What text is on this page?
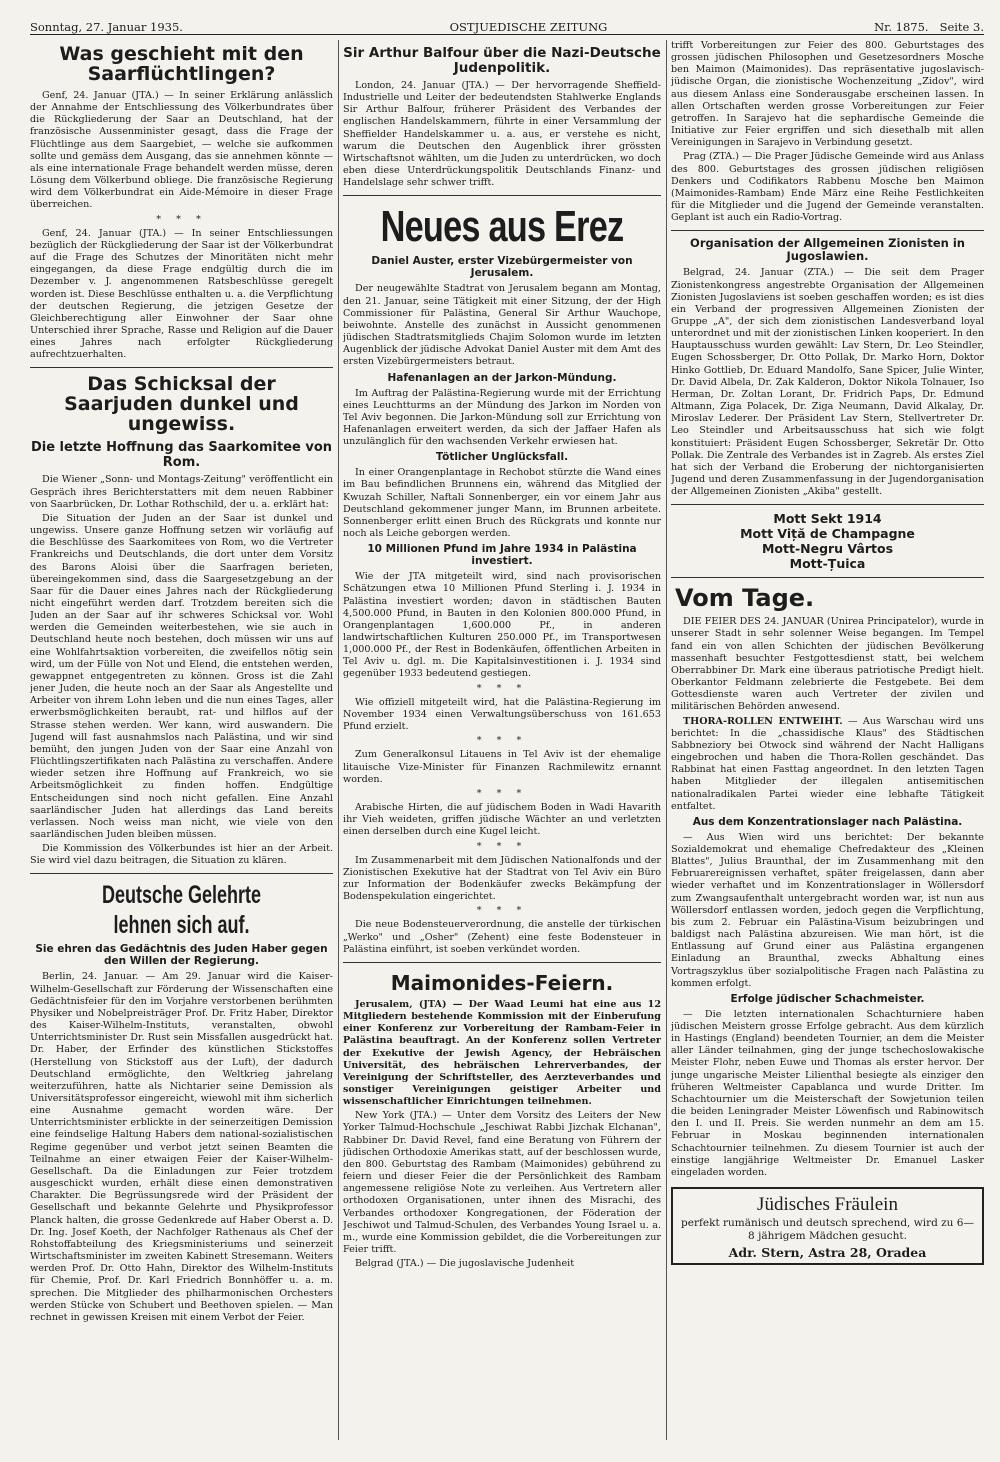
Sonntag, 27. Januar 1935.	OSTJUEDISCHE ZEITUNG	Nr. 1875. Seite 3.
Was geschieht mit den Saarflüchtlingen?

Genf, 24. Januar (JTA.) — In seiner Erklärung anlässlich der Annahme der Entschliessung des Völkerbundrates über die Rückgliederung der Saar an Deutschland, hat der französische Aussenminister gesagt, dass die Frage der Flüchtlinge aus dem Saargebiet, — welche sie aufkommen sollte und gemäss dem Ausgang, das sie annehmen könnte — als eine internationale Frage behandelt werden müsse, deren Lösung dem Völkerbund obliege. Die französische Regierung wird dem Völkerbundrat ein Aide-Mémoire in dieser Frage überreichen.

* * *

Genf, 24. Januar (JTA.) — In seiner Entschliessungen bezüglich der Rückgliederung der Saar ist der Völkerbundrat auf die Frage des Schutzes der Minoritäten nicht mehr eingegangen, da diese Frage endgültig durch die im Dezember v. J. angenommenen Ratsbeschlüsse geregelt worden ist. Diese Beschlüsse enthalten u. a. die Verpflichtung der deutschen Regierung, die jetzigen Gesetze der Gleichberechtigung aller Einwohner der Saar ohne Unterschied ihrer Sprache, Rasse und Religion auf die Dauer eines Jahres nach erfolgter Rückgliederung aufrechtzuerhalten.

Das Schicksal der Saarjuden dunkel und ungewiss.
Die letzte Hoffnung das Saarkomitee von Rom.

Die Wiener „Sonn- und Montags-Zeitung" veröffentlicht ein Gespräch ihres Berichterstatters mit dem neuen Rabbiner von Saarbrücken, Dr. Lothar Rothschild, der u. a. erklärt hat:

Die Situation der Juden an der Saar ist dunkel und ungewiss. Unsere ganze Hoffnung setzen wir vorläufig auf die Beschlüsse des Saarkomitees von Rom, wo die Vertreter Frankreichs und Deutschlands, die dort unter dem Vorsitz des Barons Aloisi über die Saarfragen berieten, übereingekommen sind, dass die Saargesetzgebung an der Saar für die Dauer eines Jahres nach der Rückgliederung nicht eingeführt werden darf. Trotzdem bereiten sich die Juden an der Saar auf ihr schweres Schicksal vor. Wohl werden die Gemeinden weiterbestehen, wie sie auch in Deutschland heute noch bestehen, doch müssen wir uns auf eine Wohlfahrtsaktion vorbereiten, die zweifellos nötig sein wird, um der Fülle von Not und Elend, die entstehen werden, gewappnet entgegentreten zu können. Gross ist die Zahl jener Juden, die heute noch an der Saar als Angestellte und Arbeiter von ihrem Lohn leben und die nun eines Tages, aller erwerbsmöglichkeiten beraubt, rat- und hilflos auf der Strasse stehen werden. Wer kann, wird auswandern. Die Jugend will fast ausnahmslos nach Palästina, und wir sind bemüht, den jungen Juden von der Saar eine Anzahl von Flüchtlingszertifikaten nach Palästina zu verschaffen. Andere wieder setzen ihre Hoffnung auf Frankreich, wo sie Arbeitsmöglichkeit zu finden hoffen. Endgültige Entscheidungen sind noch nicht gefallen. Eine Anzahl saarländischer Juden hat allerdings das Land bereits verlassen. Noch weiss man nicht, wie viele von den saarländischen Juden bleiben müssen.

Die Kommission des Völkerbundes ist hier an der Arbeit. Sie wird viel dazu beitragen, die Situation zu klären.

Deutsche Gelehrte lehnen sich auf.
Sie ehren das Gedächtnis des Juden Haber gegen den Willen der Regierung.

Berlin, 24. Januar. — Am 29. Januar wird die Kaiser-Wilhelm-Gesellschaft zur Förderung der Wissenschaften eine Gedächtnisfeier für den im Vorjahre verstorbenen berühmten Physiker und Nobelpreisträger Prof. Dr. Fritz Haber, Direktor des Kaiser-Wilhelm-Instituts, veranstalten, obwohl Unterrichtsminister Dr. Rust sein Missfallen ausgedrückt hat. Dr. Haber, der Erfinder des künstlichen Stickstoffes (Herstellung von Stickstoff aus der Luft), der dadurch Deutschland ermöglichte, den Weltkrieg jahrelang weiterzuführen, hatte als Nichtarier seine Demission als Universitätsprofessor eingereicht, wiewohl mit ihm sicherlich eine Ausnahme gemacht worden wäre. Der Unterrichtsminister erblickte in der seinerzeitigen Demission eine feindselige Haltung Habers dem national-sozialistischen Regime gegenüber und verbot jetzt seinen Beamten die Teilnahme an einer etwaigen Feier der Kaiser-Wilhelm-Gesellschaft. Da die Einladungen zur Feier trotzdem ausgeschickt wurden, erhält diese einen demonstrativen Charakter. Die Begrüssungsrede wird der Präsident der Gesellschaft und bekannte Gelehrte und Physikprofessor Planck halten, die grosse Gedenkrede auf Haber Oberst a. D. Dr. Ing. Josef Koeth, der Nachfolger Rathenaus als Chef der Rohstoffabteilung des Kriegsministeriums und seinerzeit Wirtschaftsminister im zweiten Kabinett Stresemann. Weiters werden Prof. Dr. Otto Hahn, Direktor des Wilhelm-Instituts für Chemie, Prof. Dr. Karl Friedrich Bonnhöffer u. a. m. sprechen. Die Mitglieder des philharmonischen Orchesters werden Stücke von Schubert und Beethoven spielen. — Man rechnet in gewissen Kreisen mit einem Verbot der Feier.

Sir Arthur Balfour über die Nazi-Deutsche Judenpolitik.

London, 24. Januar (JTA.) — Der hervorragende Sheffield-Industrielle und Leiter der bedeutendsten Stahlwerke Englands Sir Arthur Balfour, früherer Präsident des Verbandes der englischen Handelskammern, führte in einer Versammlung der Sheffielder Handelskammer u. a. aus, er verstehe es nicht, warum die Deutschen den Augenblick ihrer grössten Wirtschaftsnot wählten, um die Juden zu unterdrücken, wo doch eben diese Unterdrückungspolitik Deutschlands Finanz- und Handelslage sehr schwer trifft.

Neues aus Erez
Daniel Auster, erster Vizebürgermeister von Jerusalem.

Der neugewählte Stadtrat von Jerusalem begann am Montag, den 21. Januar, seine Tätigkeit mit einer Sitzung, der der High Commissioner für Palästina, General Sir Arthur Wauchope, beiwohnte. Anstelle des zunächst in Aussicht genommenen jüdischen Stadtratsmitglieds Chajim Solomon wurde im letzten Augenblick der jüdische Advokat Daniel Auster mit dem Amt des ersten Vizebürgermeisters betraut.

Hafenanlagen an der Jarkon-Mündung.

Im Auftrag der Palästina-Regierung wurde mit der Errichtung eines Leuchtturms an der Mündung des Jarkon im Norden von Tel Aviv begonnen. Die Jarkon-Mündung soll zur Errichtung von Hafenanlagen erweitert werden, da sich der Jaffaer Hafen als unzulänglich für den wachsenden Verkehr erwiesen hat.

Tötlicher Unglücksfall.

In einer Orangenplantage in Rechobot stürzte die Wand eines im Bau befindlichen Brunnens ein, während das Mitglied der Kwuzah Schiller, Naftali Sonnenberger, ein vor einem Jahr aus Deutschland gekommener junger Mann, im Brunnen arbeitete. Sonnenberger erlitt einen Bruch des Rückgrats und konnte nur noch als Leiche geborgen werden.

10 Millionen Pfund im Jahre 1934 in Palästina investiert.

Wie der JTA mitgeteilt wird, sind nach provisorischen Schätzungen etwa 10 Millionen Pfund Sterling i. J. 1934 in Palästina investiert worden; davon in städtischen Bauten 4,500.000 Pfund, in Bauten in den Kolonien 800.000 Pfund, in Orangenplantagen 1,600.000 Pf., in anderen landwirtschaftlichen Kulturen 250.000 Pf., im Transportwesen 1,000.000 Pf., der Rest in Bodenkäufen, öffentlichen Arbeiten in Tel Aviv u. dgl. m. Die Kapitalsinvestitionen i. J. 1934 sind gegenüber 1933 bedeutend gestiegen.

* * *

Wie offiziell mitgeteilt wird, hat die Palästina-Regierung im November 1934 einen Verwaltungsüberschuss von 161.653 Pfund erzielt.

* * *

Zum Generalkonsul Litauens in Tel Aviv ist der ehemalige litauische Vize-Minister für Finanzen Rachmilewitz ernannt worden.

* * *

Arabische Hirten, die auf jüdischem Boden in Wadi Havarith ihr Vieh weideten, griffen jüdische Wächter an und verletzten einen derselben durch eine Kugel leicht.

* * *

Im Zusammenarbeit mit dem Jüdischen Nationalfonds und der Zionistischen Exekutive hat der Stadtrat von Tel Aviv ein Büro zur Information der Bodenkäufer zwecks Bekämpfung der Bodenspekulation eingerichtet.

* * *

Die neue Bodensteuerverordnung, die anstelle der türkischen „Werko" und „Osher" (Zehent) eine feste Bodensteuer in Palästina einführt, ist soeben verkündet worden.

Maimonides-Feiern.

Jerusalem, (JTA) — Der Waad Leumi hat eine aus 12 Mitgliedern bestehende Kommission mit der Einberufung einer Konferenz zur Vorbereitung der Rambam-Feier in Palästina beauftragt. An der Konferenz sollen Vertreter der Exekutive der Jewish Agency, der Hebräischen Universität, des hebräischen Lehrerverbandes, der Vereinigung der Schriftsteller, des Aerzteverbandes und sonstiger Vereinigungen geistiger Arbeiter und wissenschaftlicher Einrichtungen teilnehmen.

New York (JTA.) — Unter dem Vorsitz des Leiters der New Yorker Talmud-Hochschule „Jeschiwat Rabbi Jizchak Elchanan", Rabbiner Dr. David Revel, fand eine Beratung von Führern der jüdischen Orthodoxie Amerikas statt, auf der beschlossen wurde, den 800. Geburtstag des Rambam (Maimonides) gebührend zu feiern und dieser Feier die der Persönlichkeit des Rambam angemessene religiöse Note zu verleihen. Aus Vertretern aller orthodoxen Organisationen, unter ihnen des Misrachi, des Verbandes orthodoxer Kongregationen, der Föderation der Jeschiwot und Talmud-Schulen, des Verbandes Young Israel u. a. m., wurde eine Kommission gebildet, die die Vorbereitungen zur Feier trifft.

Belgrad (JTA.) — Die jugoslavische Judenheit

trifft Vorbereitungen zur Feier des 800. Geburtstages des grossen jüdischen Philosophen und Gesetzesordners Mosche ben Maimon (Maimonides). Das repräsentative jugoslavisch-jüdische Organ, die zionistische Wochenzeitung „Zidov", wird aus diesem Anlass eine Sonderausgabe erscheinen lassen. In allen Ortschaften werden grosse Vorbereitungen zur Feier getroffen. In Sarajevo hat die sephardische Gemeinde die Initiative zur Feier ergriffen und sich diesethalb mit allen Vereinigungen in Sarajevo in Verbindung gesetzt.

Prag (ZTA.) — Die Prager Jüdische Gemeinde wird aus Anlass des 800. Geburtstages des grossen jüdischen religiösen Denkers und Codifikators Rabbenu Mosche ben Maimon (Maimonides-Rambam) Ende März eine Reihe Festlichkeiten für die Mitglieder und die Jugend der Gemeinde veranstalten. Geplant ist auch ein Radio-Vortrag.

Organisation der Allgemeinen Zionisten in Jugoslawien.

Belgrad, 24. Januar (ZTA.) — Die seit dem Prager Zionistenkongress angestrebte Organisation der Allgemeinen Zionisten Jugoslaviens ist soeben geschaffen worden; es ist dies ein Verband der progressiven Allgemeinen Zionisten der Gruppe „A", der sich dem zionistischen Landesverband loyal unterordnet und mit der zionistischen Linken kooperiert. In den Hauptausschuss wurden gewählt: Lav Stern, Dr. Leo Steindler, Eugen Schossberger, Dr. Otto Pollak, Dr. Marko Horn, Doktor Hinko Gottlieb, Dr. Eduard Mandolfo, Sane Spicer, Julie Winter, Dr. David Albela, Dr. Zak Kalderon, Doktor Nikola Tolnauer, Iso Herman, Dr. Zoltan Lorant, Dr. Fridrich Paps, Dr. Edmund Altmann, Ziga Polacek, Dr. Ziga Neumann, David Alkalay, Dr. Miroslav Lederer. Der Präsident Lav Stern, Stellvertreter Dr. Leo Steindler und Arbeitsausschuss hat sich wie folgt konstituiert: Präsident Eugen Schossberger, Sekretär Dr. Otto Pollak. Die Zentrale des Verbandes ist in Zagreb. Als erstes Ziel hat sich der Verband die Eroberung der nichtorganisierten Jugend und deren Zusammenfassung in der Jugendorganisation der Allgemeinen Zionisten „Akiba" gestellt.

Mott Sekt 1914
Mott Viță de Champagne
Mott-Negru Vârtos
Mott-Țuica
Vom Tage.

DIE FEIER DES 24. JANUAR (Unirea Principatelor), wurde in unserer Stadt in sehr solenner Weise begangen. Im Tempel fand ein von allen Schichten der jüdischen Bevölkerung massenhaft besuchter Festgottesdienst statt, bei welchem Oberrabbiner Dr. Mark eine überaus patriotische Predigt hielt. Oberkantor Feldmann zelebrierte die Festgebete. Bei dem Gottesdienste waren auch Vertreter der zivilen und militärischen Behörden anwesend.

THORA-ROLLEN ENTWEIHT. — Aus Warschau wird uns berichtet: In die „chassidische Klaus" des Städtischen Sabbneziory bei Otwock sind während der Nacht Halligans eingebrochen und haben die Thora-Rollen geschändet. Das Rabbinat hat einen Fasttag angeordnet. In den letzten Tagen haben Mitglieder der illegalen antisemitischen nationalradikalen Partei wieder eine lebhafte Tätigkeit entfaltet.

Aus dem Konzentrationslager nach Palästina.

— Aus Wien wird uns berichtet: Der bekannte Sozialdemokrat und ehemalige Chefredakteur des „Kleinen Blattes", Julius Braunthal, der im Zusammenhang mit den Februarereignissen verhaftet, später freigelassen, dann aber wieder verhaftet und im Konzentrationslager in Wöllersdorf zum Zwangsaufenthalt untergebracht worden war, ist nun aus Wöllersdorf entlassen worden, jedoch gegen die Verpflichtung, bis zum 2. Februar ein Palästina-Visum beizubringen und baldigst nach Palästina abzureisen. Wie man hört, ist die Entlassung auf Grund einer aus Palästina ergangenen Einladung an Braunthal, zwecks Abhaltung eines Vortragszyklus über sozialpolitische Fragen nach Palästina zu kommen erfolgt.

Erfolge jüdischer Schachmeister.

— Die letzten internationalen Schachturniere haben jüdischen Meistern grosse Erfolge gebracht. Aus dem kürzlich in Hastings (England) beendeten Tournier, an dem die Meister aller Länder teilnahmen, ging der junge tschechoslowakische Meister Flohr, neben Euwe und Thomas als erster hervor. Der junge ungarische Meister Lilienthal besiegte als einziger den früheren Weltmeister Capablanca und wurde Dritter. Im Schachtournier um die Meisterschaft der Sowjetunion teilen die beiden Leningrader Meister Löwenfisch und Rabinowitsch den I. und II. Preis. Sie werden nunmehr an dem am 15. Februar in Moskau beginnenden internationalen Schachtournier teilnehmen. Zu diesem Tournier ist auch der einstige langjährige Weltmeister Dr. Emanuel Lasker eingeladen worden.

Jüdisches Fräulein
perfekt rumänisch und deutsch sprechend, wird zu 6—8 jährigem Mädchen gesucht.
Adr. Stern, Astra 28, Oradea
